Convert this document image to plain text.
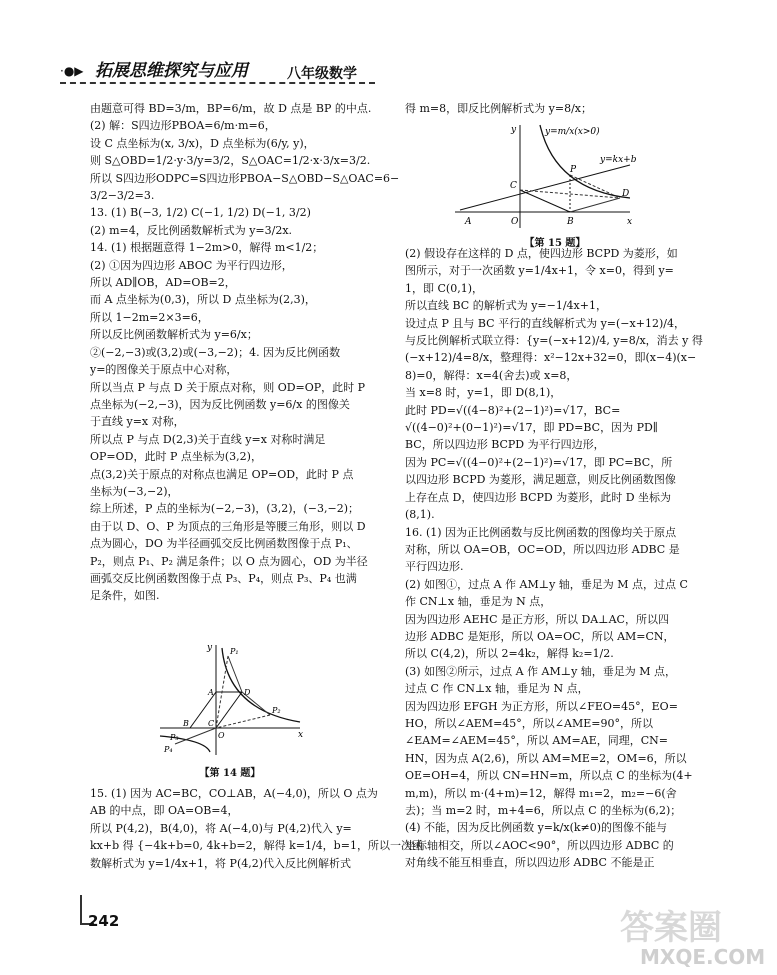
·●▶ 拓展思维探究与应用	八年级数学

由题意可得 BD=3/m，BP=6/m，故 D 点是 BP 的中点.

(2) 解：S四边形PBOA=6/m·m=6，

设 C 点坐标为(x, 3/x)，D 点坐标为(6/y, y)，

则 S△OBD=1/2·y·3/y=3/2，S△OAC=1/2·x·3/x=3/2.

所以 S四边形ODPC=S四边形PBOA−S△OBD−S△OAC=6−

3/2−3/2=3.

13. (1) B(−3, 1/2) C(−1, 1/2) D(−1, 3/2)

(2) m=4，反比例函数解析式为 y=3/2x.

14. (1) 根据题意得 1−2m>0，解得 m<1/2；

(2) ①因为四边形 ABOC 为平行四边形，

所以 AD∥OB，AD=OB=2，

而 A 点坐标为(0,3)，所以 D 点坐标为(2,3)，

所以 1−2m=2×3=6，

所以反比例函数解析式为 y=6/x；

②(−2,−3)或(3,2)或(−3,−2)；4. 因为反比例函数

y=的图像关于原点中心对称，

所以当点 P 与点 D 关于原点对称，则 OD=OP，此时 P

点坐标为(−2,−3)，因为反比例函数 y=6/x 的图像关

于直线 y=x 对称，

所以点 P 与点 D(2,3)关于直线 y=x 对称时满足

OP=OD，此时 P 点坐标为(3,2)，

点(3,2)关于原点的对称点也满足 OP=OD，此时 P 点

坐标为(−3,−2)，

综上所述，P 点的坐标为(−2,−3)，(3,2)，(−3,−2)；

由于以 D、O、P 为顶点的三角形是等腰三角形，则以 D

点为圆心，DO 为半径画弧交反比例函数图像于点 P₁、

P₂，则点 P₁、P₂ 满足条件；以 O 点为圆心，OD 为半径

画弧交反比例函数图像于点 P₃、P₄，则点 P₃、P₄ 也满

足条件，如图.

y
x
P₁
A	D
B C
O
P₂
P₃
P₄
【第 14 题】

15. (1) 因为 AC=BC，CO⊥AB，A(−4,0)，所以 O 点为

AB 的中点，即 OA=OB=4，

所以 P(4,2)，B(4,0)，将 A(−4,0)与 P(4,2)代入 y=

kx+b 得 {−4k+b=0, 4k+b=2，解得 k=1/4，b=1，所以一次函

数解析式为 y=1/4x+1，将 P(4,2)代入反比例解析式

得 m=8，即反比例解析式为 y=8/x；

y=m/x(x>0)
y=kx+b
y
x
C
P
D
A	O	B
【第 15 题】

(2) 假设存在这样的 D 点，使四边形 BCPD 为菱形，如

图所示，对于一次函数 y=1/4x+1，令 x=0，得到 y=

1，即 C(0,1)，

所以直线 BC 的解析式为 y=−1/4x+1，

设过点 P 且与 BC 平行的直线解析式为 y=(−x+12)/4，

与反比例解析式联立得：{y=(−x+12)/4, y=8/x，消去 y 得

(−x+12)/4=8/x，整理得：x²−12x+32=0，即(x−4)(x−

8)=0，解得：x=4(舍去)或 x=8，

当 x=8 时，y=1，即 D(8,1)，

此时 PD=√((4−8)²+(2−1)²)=√17，BC=

√((4−0)²+(0−1)²)=√17，即 PD=BC，因为 PD∥

BC，所以四边形 BCPD 为平行四边形，

因为 PC=√((4−0)²+(2−1)²)=√17，即 PC=BC，所

以四边形 BCPD 为菱形，满足题意，则反比例函数图像

上存在点 D，使四边形 BCPD 为菱形，此时 D 坐标为

(8,1).

16. (1) 因为正比例函数与反比例函数的图像均关于原点

对称，所以 OA=OB，OC=OD，所以四边形 ADBC 是

平行四边形.

(2) 如图①，过点 A 作 AM⊥y 轴，垂足为 M 点，过点 C

作 CN⊥x 轴，垂足为 N 点，

因为四边形 AEHC 是正方形，所以 DA⊥AC，所以四

边形 ADBC 是矩形，所以 OA=OC，所以 AM=CN，

所以 C(4,2)，所以 2=4k₂，解得 k₂=1/2.

(3) 如图②所示，过点 A 作 AM⊥y 轴，垂足为 M 点，

过点 C 作 CN⊥x 轴，垂足为 N 点，

因为四边形 EFGH 为正方形，所以∠FEO=45°，EO=

HO，所以∠AEM=45°，所以∠AME=90°，所以

∠EAM=∠AEM=45°，所以 AM=AE，同理，CN=

HN，因为点 A(2,6)，所以 AM=ME=2，OM=6，所以

OE=OH=4，所以 CN=HN=m，所以点 C 的坐标为(4+

m,m)，所以 m·(4+m)=12，解得 m₁=2，m₂=−6(舍

去)；当 m=2 时，m+4=6，所以点 C 的坐标为(6,2)；

(4) 不能，因为反比例函数 y=k/x(k≠0)的图像不能与

坐标轴相交，所以∠AOC<90°，所以四边形 ADBC 的

对角线不能互相垂直，所以四边形 ADBC 不能是正

242	答案圈
MXQE.COM
